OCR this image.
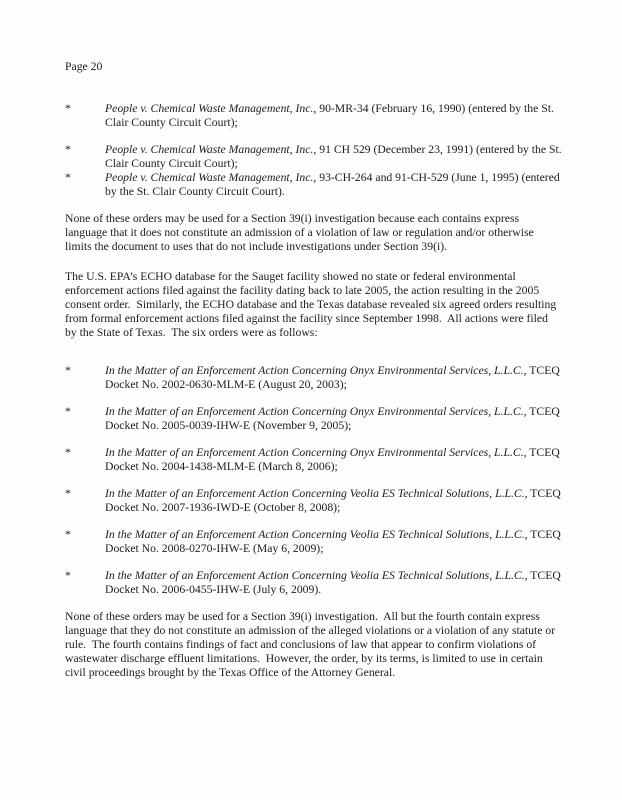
Page 20
*	People v. Chemical Waste Management, Inc., 90-MR-34 (February 16, 1990) (entered by the St. Clair County Circuit Court);
*	People v. Chemical Waste Management, Inc., 91 CH 529 (December 23, 1991) (entered by the St. Clair County Circuit Court);
*	People v. Chemical Waste Management, Inc., 93-CH-264 and 91-CH-529 (June 1, 1995) (entered by the St. Clair County Circuit Court).

None of these orders may be used for a Section 39(i) investigation because each contains express language that it does not constitute an admission of a violation of law or regulation and/or otherwise limits the document to uses that do not include investigations under Section 39(i).

The U.S. EPA’s ECHO database for the Sauget facility showed no state or federal environmental enforcement actions filed against the facility dating back to late 2005, the action resulting in the 2005 consent order.  Similarly, the ECHO database and the Texas database revealed six agreed orders resulting from formal enforcement actions filed against the facility since September 1998.  All actions were filed by the State of Texas.  The six orders were as follows:

*	In the Matter of an Enforcement Action Concerning Onyx Environmental Services, L.L.C., TCEQ Docket No. 2002-0630-MLM-E (August 20, 2003);
*	In the Matter of an Enforcement Action Concerning Onyx Environmental Services, L.L.C., TCEQ Docket No. 2005-0039-IHW-E (November 9, 2005);
*	In the Matter of an Enforcement Action Concerning Onyx Environmental Services, L.L.C., TCEQ Docket No. 2004-1438-MLM-E (March 8, 2006);
*	In the Matter of an Enforcement Action Concerning Veolia ES Technical Solutions, L.L.C., TCEQ Docket No. 2007-1936-IWD-E (October 8, 2008);
*	In the Matter of an Enforcement Action Concerning Veolia ES Technical Solutions, L.L.C., TCEQ Docket No. 2008-0270-IHW-E (May 6, 2009);
*	In the Matter of an Enforcement Action Concerning Veolia ES Technical Solutions, L.L.C., TCEQ Docket No. 2006-0455-IHW-E (July 6, 2009).

None of these orders may be used for a Section 39(i) investigation.  All but the fourth contain express language that they do not constitute an admission of the alleged violations or a violation of any statute or rule.  The fourth contains findings of fact and conclusions of law that appear to confirm violations of wastewater discharge effluent limitations.  However, the order, by its terms, is limited to use in certain civil proceedings brought by the Texas Office of the Attorney General.
